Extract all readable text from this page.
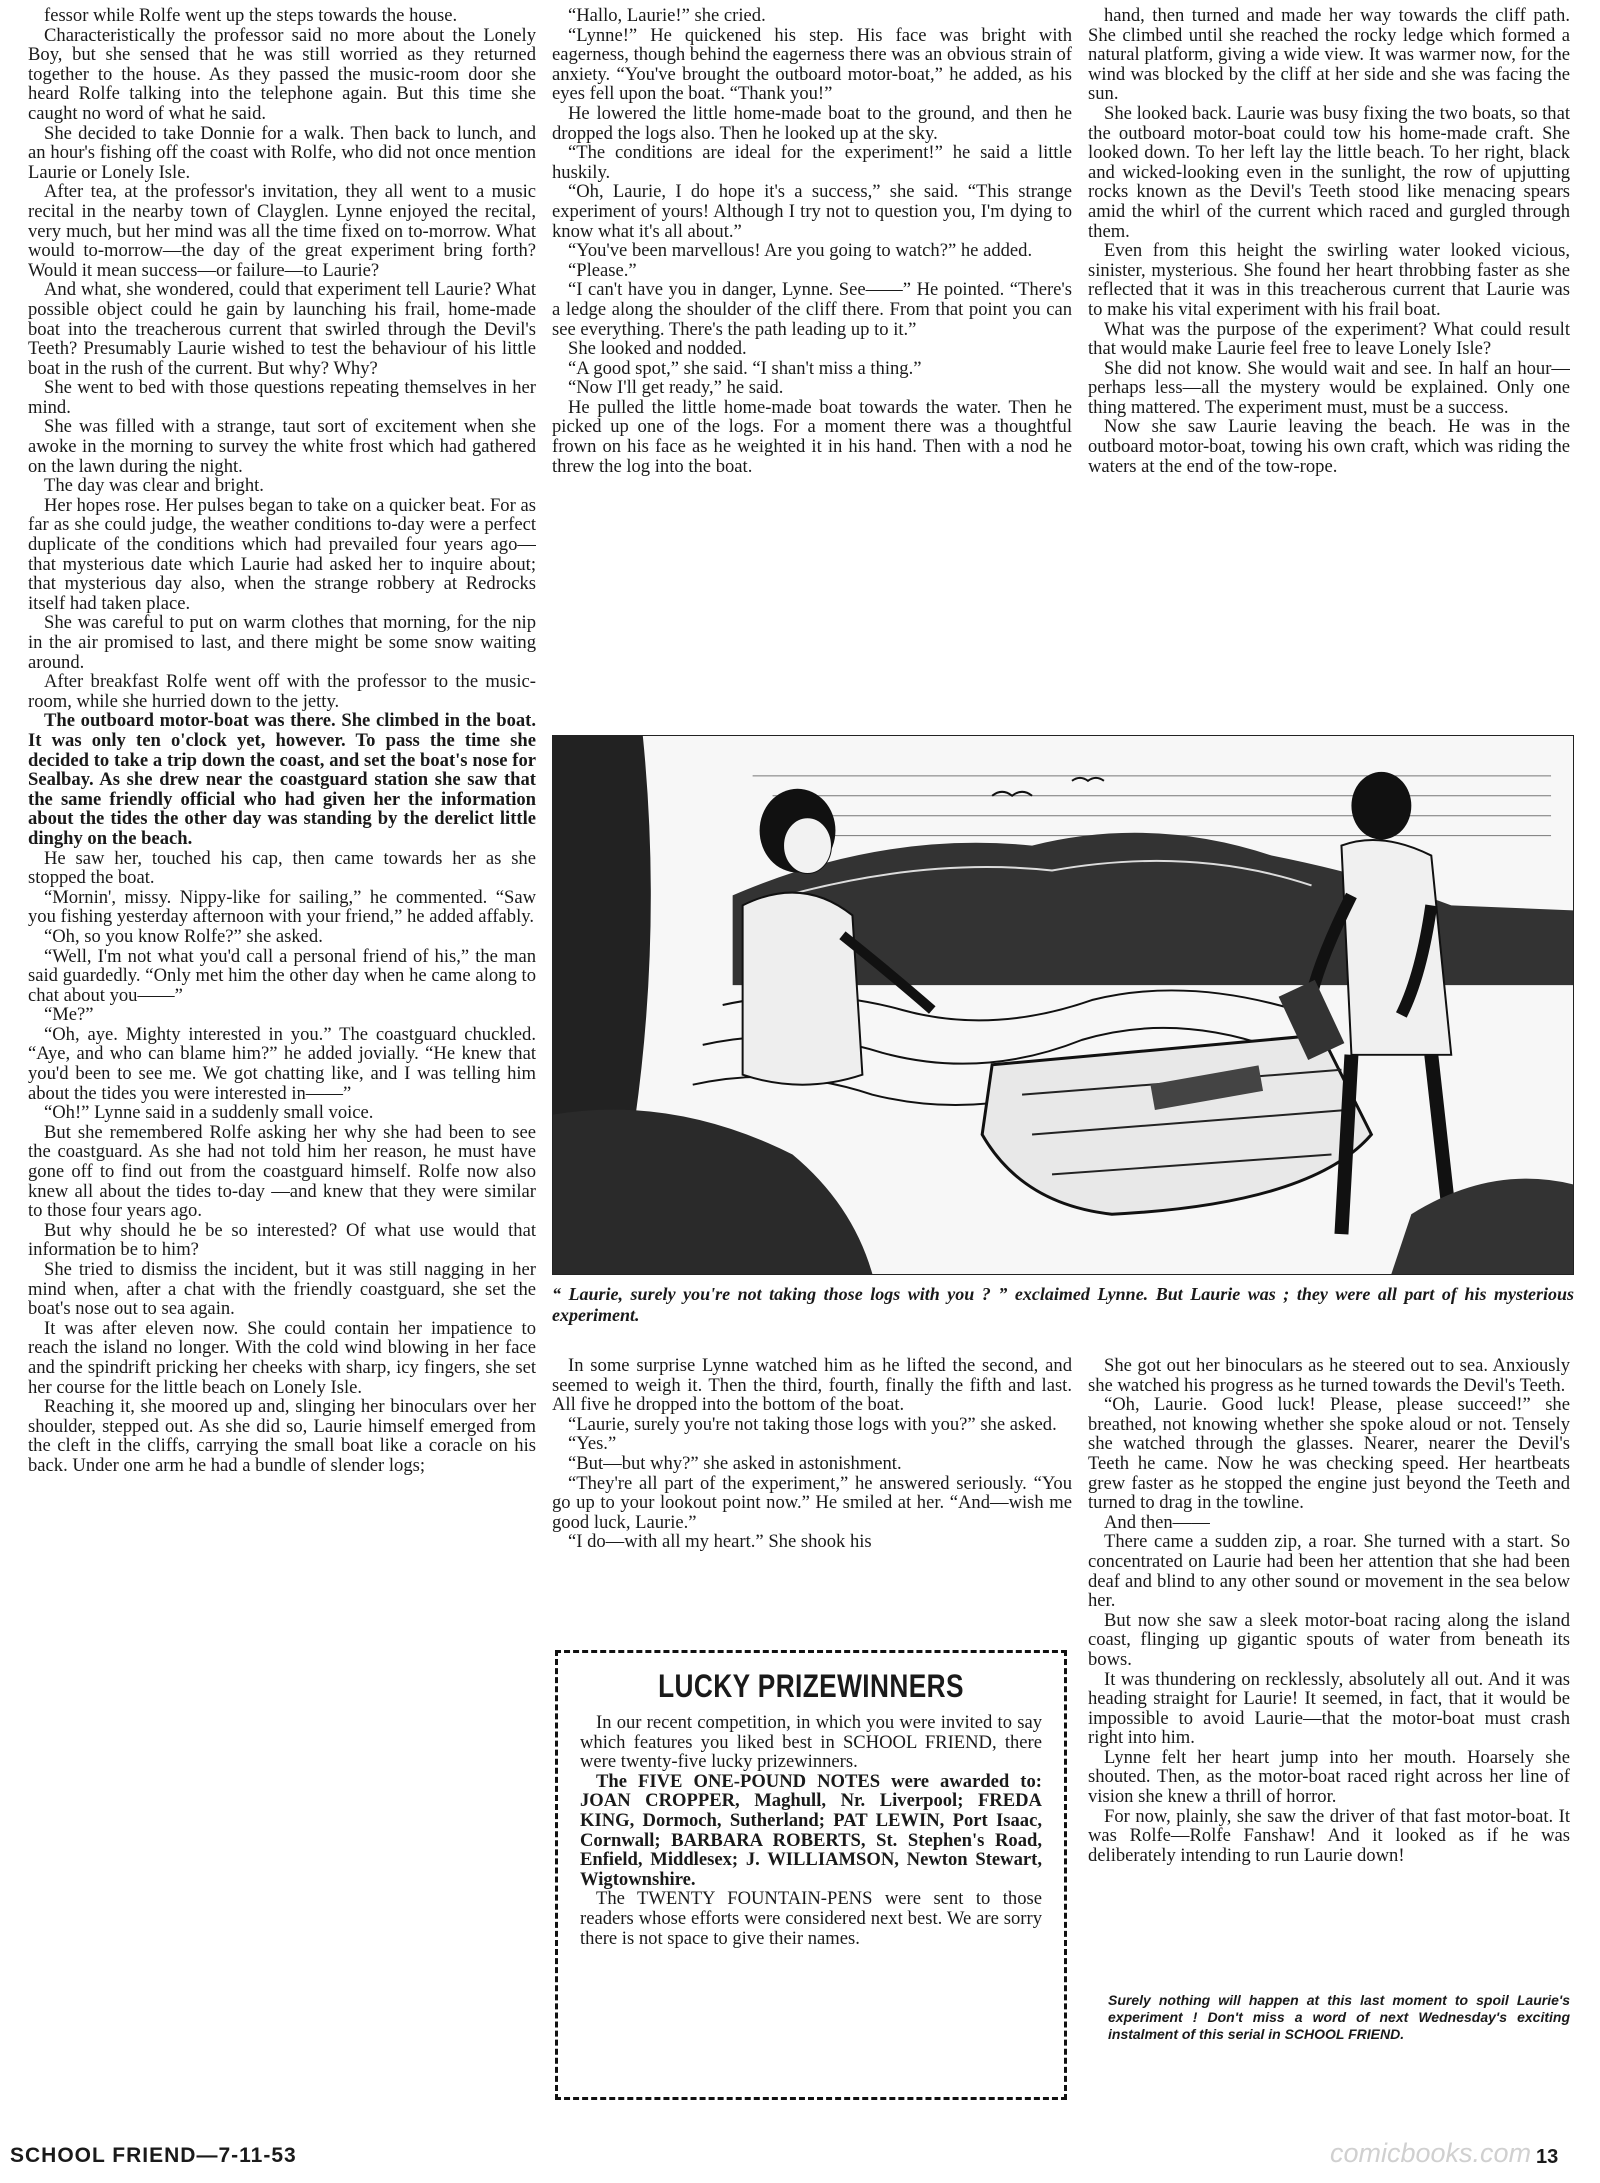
fessor while Rolfe went up the steps towards the house.

Characteristically the professor said no more about the Lonely Boy, but she sensed that he was still worried as they returned together to the house. As they passed the music-room door she heard Rolfe talking into the telephone again. But this time she caught no word of what he said.

She decided to take Donnie for a walk. Then back to lunch, and an hour's fishing off the coast with Rolfe, who did not once mention Laurie or Lonely Isle.

After tea, at the professor's invitation, they all went to a music recital in the nearby town of Clayglen. Lynne enjoyed the recital, very much, but her mind was all the time fixed on to-morrow. What would to-morrow—the day of the great experiment bring forth? Would it mean success—or failure—to Laurie?

And what, she wondered, could that experiment tell Laurie? What possible object could he gain by launching his frail, home-made boat into the treacherous current that swirled through the Devil's Teeth? Presumably Laurie wished to test the behaviour of his little boat in the rush of the current. But why? Why?

She went to bed with those questions repeating themselves in her mind.

She was filled with a strange, taut sort of excitement when she awoke in the morning to survey the white frost which had gathered on the lawn during the night.

The day was clear and bright.

Her hopes rose. Her pulses began to take on a quicker beat. For as far as she could judge, the weather conditions to-day were a perfect duplicate of the conditions which had prevailed four years ago—that mysterious date which Laurie had asked her to inquire about; that mysterious day also, when the strange robbery at Redrocks itself had taken place.

She was careful to put on warm clothes that morning, for the nip in the air promised to last, and there might be some snow waiting around.

After breakfast Rolfe went off with the professor to the music-room, while she hurried down to the jetty.

The outboard motor-boat was there. She climbed in the boat. It was only ten o'clock yet, however. To pass the time she decided to take a trip down the coast, and set the boat's nose for Sealbay. As she drew near the coastguard station she saw that the same friendly official who had given her the information about the tides the other day was standing by the derelict little dinghy on the beach.

He saw her, touched his cap, then came towards her as she stopped the boat.

“Mornin', missy. Nippy-like for sailing,” he commented. “Saw you fishing yesterday afternoon with your friend,” he added affably.

“Oh, so you know Rolfe?” she asked.

“Well, I'm not what you'd call a personal friend of his,” the man said guardedly. “Only met him the other day when he came along to chat about you——”

“Me?”

“Oh, aye. Mighty interested in you.” The coastguard chuckled. “Aye, and who can blame him?” he added jovially. “He knew that you'd been to see me. We got chatting like, and I was telling him about the tides you were interested in——”

“Oh!” Lynne said in a suddenly small voice.

But she remembered Rolfe asking her why she had been to see the coastguard. As she had not told him her reason, he must have gone off to find out from the coastguard himself. Rolfe now also knew all about the tides to-day —and knew that they were similar to those four years ago.

But why should he be so interested? Of what use would that information be to him?

She tried to dismiss the incident, but it was still nagging in her mind when, after a chat with the friendly coastguard, she set the boat's nose out to sea again.

It was after eleven now. She could contain her impatience to reach the island no longer. With the cold wind blowing in her face and the spindrift pricking her cheeks with sharp, icy fingers, she set her course for the little beach on Lonely Isle.

Reaching it, she moored up and, slinging her binoculars over her shoulder, stepped out. As she did so, Laurie himself emerged from the cleft in the cliffs, carrying the small boat like a coracle on his back. Under one arm he had a bundle of slender logs;

“Hallo, Laurie!” she cried.

“Lynne!” He quickened his step. His face was bright with eagerness, though behind the eagerness there was an obvious strain of anxiety. “You've brought the outboard motor-boat,” he added, as his eyes fell upon the boat. “Thank you!”

He lowered the little home-made boat to the ground, and then he dropped the logs also. Then he looked up at the sky.

“The conditions are ideal for the experiment!” he said a little huskily.

“Oh, Laurie, I do hope it's a success,” she said. “This strange experiment of yours! Although I try not to question you, I'm dying to know what it's all about.”

“You've been marvellous! Are you going to watch?” he added.

“Please.”

“I can't have you in danger, Lynne. See——” He pointed. “There's a ledge along the shoulder of the cliff there. From that point you can see everything. There's the path leading up to it.”

She looked and nodded.

“A good spot,” she said. “I shan't miss a thing.”

“Now I'll get ready,” he said.

He pulled the little home-made boat towards the water. Then he picked up one of the logs. For a moment there was a thoughtful frown on his face as he weighted it in his hand. Then with a nod he threw the log into the boat.

hand, then turned and made her way towards the cliff path. She climbed until she reached the rocky ledge which formed a natural platform, giving a wide view. It was warmer now, for the wind was blocked by the cliff at her side and she was facing the sun.

She looked back. Laurie was busy fixing the two boats, so that the outboard motor-boat could tow his home-made craft. She looked down. To her left lay the little beach. To her right, black and wicked-looking even in the sunlight, the row of upjutting rocks known as the Devil's Teeth stood like menacing spears amid the whirl of the current which raced and gurgled through them.

Even from this height the swirling water looked vicious, sinister, mysterious. She found her heart throbbing faster as she reflected that it was in this treacherous current that Laurie was to make his vital experiment with his frail boat.

What was the purpose of the experiment? What could result that would make Laurie feel free to leave Lonely Isle?

She did not know. She would wait and see. In half an hour—perhaps less—all the mystery would be explained. Only one thing mattered. The experiment must, must be a success.

Now she saw Laurie leaving the beach. He was in the outboard motor-boat, towing his own craft, which was riding the waters at the end of the tow-rope.

“ Laurie, surely you're not taking those logs with you ? ” exclaimed Lynne. But Laurie was ; they were all part of his mysterious experiment.

In some surprise Lynne watched him as he lifted the second, and seemed to weigh it. Then the third, fourth, finally the fifth and last. All five he dropped into the bottom of the boat.

“Laurie, surely you're not taking those logs with you?” she asked.

“Yes.”

“But—but why?” she asked in astonishment.

“They're all part of the experiment,” he answered seriously. “You go up to your lookout point now.” He smiled at her. “And—wish me good luck, Laurie.”

“I do—with all my heart.” She shook his

LUCKY PRIZEWINNERS

In our recent competition, in which you were invited to say which features you liked best in SCHOOL FRIEND, there were twenty-five lucky prizewinners.

The FIVE ONE-POUND NOTES were awarded to: JOAN CROPPER, Maghull, Nr. Liverpool; FREDA KING, Dormoch, Sutherland; PAT LEWIN, Port Isaac, Cornwall; BARBARA ROBERTS, St. Stephen's Road, Enfield, Middlesex; J. WILLIAMSON, Newton Stewart, Wigtownshire.

The TWENTY FOUNTAIN-PENS were sent to those readers whose efforts were considered next best. We are sorry there is not space to give their names.

She got out her binoculars as he steered out to sea. Anxiously she watched his progress as he turned towards the Devil's Teeth.

“Oh, Laurie. Good luck! Please, please succeed!” she breathed, not knowing whether she spoke aloud or not. Tensely she watched through the glasses. Nearer, nearer the Devil's Teeth he came. Now he was checking speed. Her heartbeats grew faster as he stopped the engine just beyond the Teeth and turned to drag in the towline.

And then——

There came a sudden zip, a roar. She turned with a start. So concentrated on Laurie had been her attention that she had been deaf and blind to any other sound or movement in the sea below her.

But now she saw a sleek motor-boat racing along the island coast, flinging up gigantic spouts of water from beneath its bows.

It was thundering on recklessly, absolutely all out. And it was heading straight for Laurie! It seemed, in fact, that it would be impossible to avoid Laurie—that the motor-boat must crash right into him.

Lynne felt her heart jump into her mouth. Hoarsely she shouted. Then, as the motor-boat raced right across her line of vision she knew a thrill of horror.

For now, plainly, she saw the driver of that fast motor-boat. It was Rolfe—Rolfe Fanshaw! And it looked as if he was deliberately intending to run Laurie down!

Surely nothing will happen at this last moment to spoil Laurie's experiment ! Don't miss a word of next Wednesday's exciting instalment of this serial in SCHOOL FRIEND.
SCHOOL FRIEND—7-11-53	comicbooks.com 13
